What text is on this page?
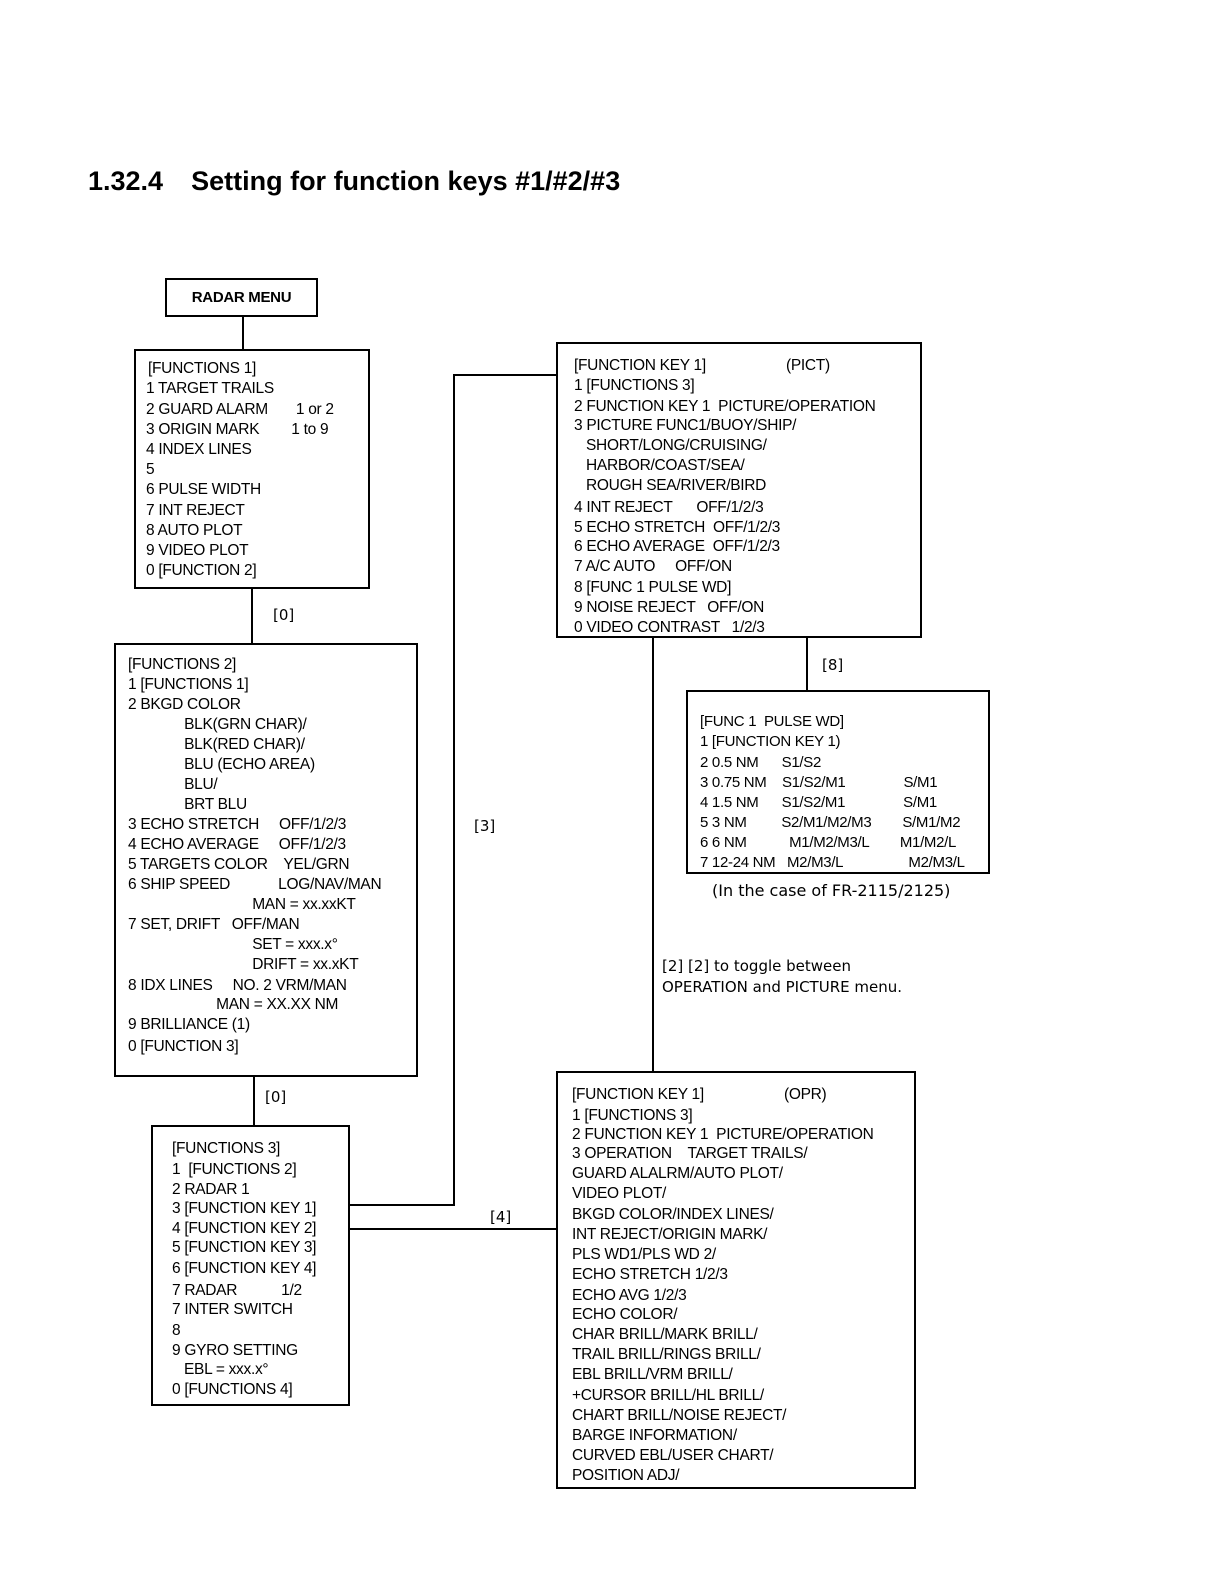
1.32.4 Setting for function keys #1/#2/#3
RADAR MENU
[FUNCTIONS 1]
1 TARGET TRAILS
2 GUARD ALARM       1 or 2
3 ORIGIN MARK        1 to 9
4 INDEX LINES
5
6 PULSE WIDTH
7 INT REJECT
8 AUTO PLOT
9 VIDEO PLOT
0 [FUNCTION 2]
[0]
[FUNCTIONS 2]
1 [FUNCTIONS 1]
2 BKGD COLOR
BLK(GRN CHAR)/
BLK(RED CHAR)/
BLU (ECHO AREA)
BLU/
BRT BLU
3 ECHO STRETCH     OFF/1/2/3
4 ECHO AVERAGE     OFF/1/2/3
5 TARGETS COLOR    YEL/GRN
6 SHIP SPEED            LOG/NAV/MAN
MAN = xx.xxKT
7 SET, DRIFT   OFF/MAN
SET = xxx.x°
DRIFT = xx.xKT
8 IDX LINES     NO. 2 VRM/MAN
MAN = XX.XX NM
9 BRILLIANCE (1)
0 [FUNCTION 3]
[0]
[FUNCTIONS 3]
1  [FUNCTIONS 2]
2 RADAR 1
3 [FUNCTION KEY 1]
4 [FUNCTION KEY 2]
5 [FUNCTION KEY 3]
6 [FUNCTION KEY 4]
7 RADAR           1/2
7 INTER SWITCH
8
9 GYRO SETTING
EBL = xxx.x°
0 [FUNCTIONS 4]
[3]
[4]
[FUNCTION KEY 1]                    (PICT)
1 [FUNCTIONS 3]
2 FUNCTION KEY 1  PICTURE/OPERATION
3 PICTURE FUNC1/BUOY/SHIP/
SHORT/LONG/CRUISING/
HARBOR/COAST/SEA/
ROUGH SEA/RIVER/BIRD
4 INT REJECT      OFF/1/2/3
5 ECHO STRETCH  OFF/1/2/3
6 ECHO AVERAGE  OFF/1/2/3
7 A/C AUTO     OFF/ON
8 [FUNC 1 PULSE WD]
9 NOISE REJECT   OFF/ON
0 VIDEO CONTRAST   1/2/3
[8]
[FUNC 1  PULSE WD]
1 [FUNCTION KEY 1)
2 0.5 NM      S1/S2
3 0.75 NM    S1/S2/M1               S/M1
4 1.5 NM      S1/S2/M1               S/M1
5 3 NM         S2/M1/M2/M3        S/M1/M2
6 6 NM           M1/M2/M3/L        M1/M2/L
7 12-24 NM   M2/M3/L                 M2/M3/L
(In the case of FR-2115/2125)
[2] [2] to toggle between
OPERATION and PICTURE menu.
[FUNCTION KEY 1]                    (OPR)
1 [FUNCTIONS 3]
2 FUNCTION KEY 1  PICTURE/OPERATION
3 OPERATION    TARGET TRAILS/
GUARD ALALRM/AUTO PLOT/
VIDEO PLOT/
BKGD COLOR/INDEX LINES/
INT REJECT/ORIGIN MARK/
PLS WD1/PLS WD 2/
ECHO STRETCH 1/2/3
ECHO AVG 1/2/3
ECHO COLOR/
CHAR BRILL/MARK BRILL/
TRAIL BRILL/RINGS BRILL/
EBL BRILL/VRM BRILL/
+CURSOR BRILL/HL BRILL/
CHART BRILL/NOISE REJECT/
BARGE INFORMATION/
CURVED EBL/USER CHART/
POSITION ADJ/
